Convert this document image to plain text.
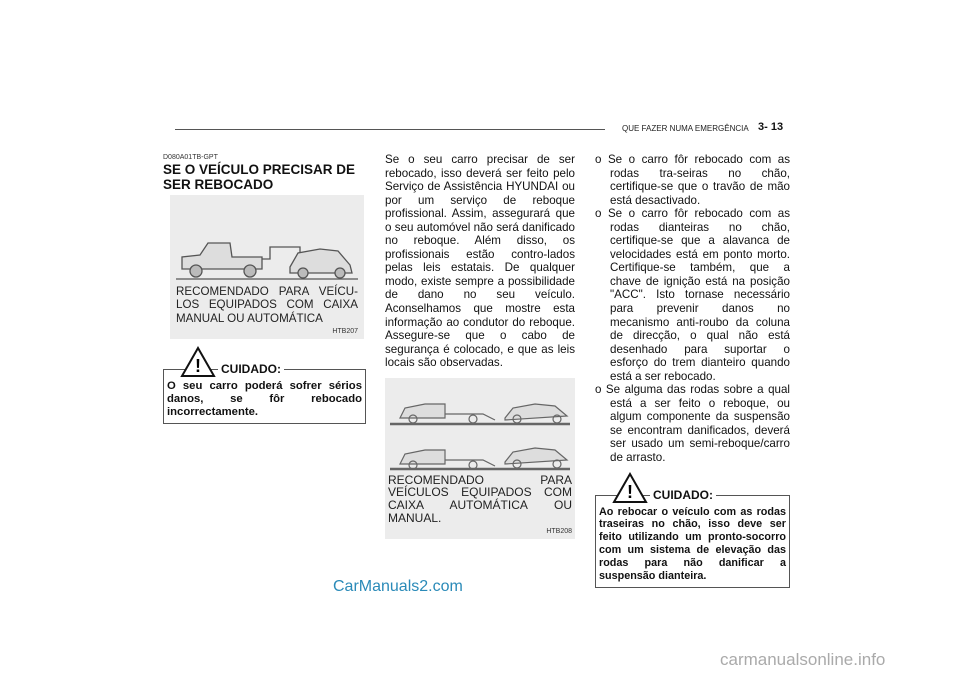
QUE FAZER NUMA EMERGÊNCIA 3- 13
D080A01TB-GPT
SE O VEÍCULO PRECISAR DE SER REBOCADO
RECOMENDADO PARA VEÍCU-LOS EQUIPADOS COM CAIXA MANUAL OU AUTOMÁTICA
HTB207
! CUIDADO:
O seu carro poderá sofrer sérios danos, se fôr rebocado incorrectamente.
Se o seu carro precisar de ser rebocado, isso deverá ser feito pelo Serviço de Assistência HYUNDAI ou por um serviço de reboque profissional. Assim, assegurará que o seu automóvel não será danificado no reboque. Além disso, os profissionais estão contro-lados pelas leis estatais. De qualquer modo, existe sempre a possibilidade de dano no seu veículo. Aconselhamos que mostre esta informação ao condutor do reboque. Assegure-se que o cabo de segurança é colocado, e que as leis locais são observadas.
RECOMENDADO PARA VEÍCULOS EQUIPADOS COM CAIXA AUTOMÁTICA OU MANUAL.
HTB208
o Se o carro fôr rebocado com as rodas tra-seiras no chão, certifique-se que o travão de mão está desactivado.
o Se o carro fôr rebocado com as rodas dianteiras no chão, certifique-se que a alavanca de velocidades está em ponto morto. Certifique-se também, que a chave de ignição está na posição "ACC". Isto tornase necessário para prevenir danos no mecanismo anti-roubo da coluna de direcção, o qual não está desenhado para suportar o esforço do trem dianteiro quando está a ser rebocado.
o Se alguma das rodas sobre a qual está a ser feito o reboque, ou algum componente da suspensão se encontram danificados, deverá ser usado um semi-reboque/carro de arrasto.
! CUIDADO:
Ao rebocar o veículo com as rodas traseiras no chão, isso deve ser feito utilizando um pronto-socorro com um sistema de elevação das rodas para não danificar a suspensão dianteira.
CarManuals2.com
carmanualsonline.info
